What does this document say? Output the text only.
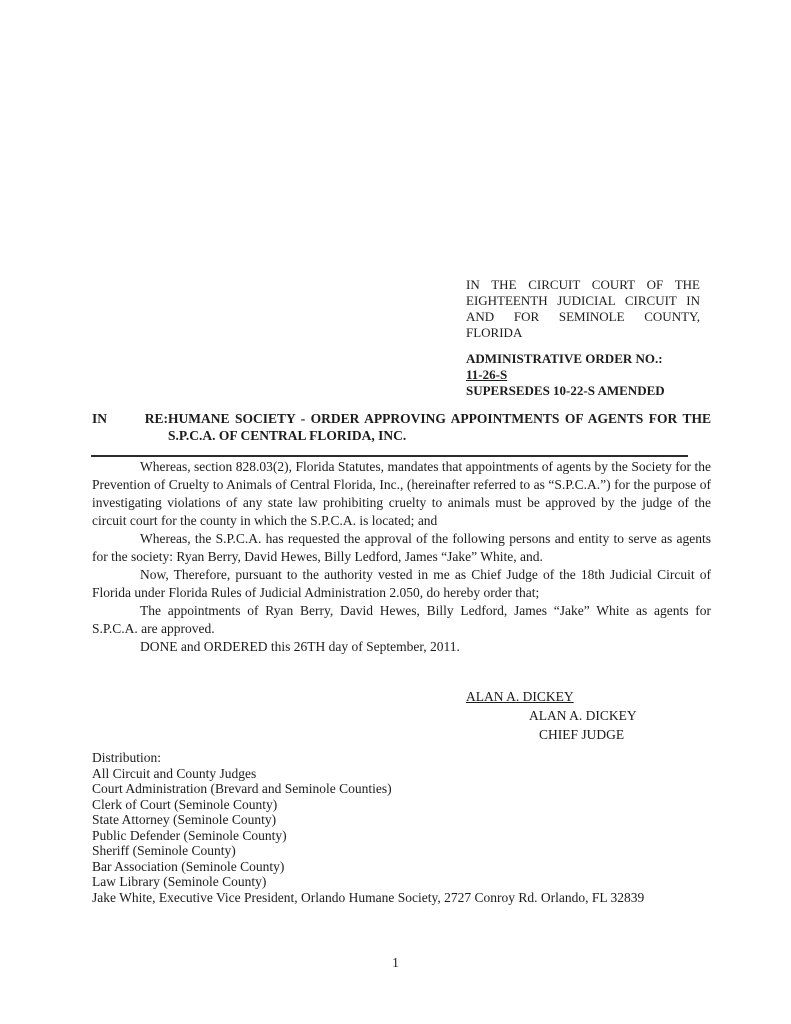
IN THE CIRCUIT COURT OF THE
EIGHTEENTH JUDICIAL CIRCUIT IN
AND FOR SEMINOLE COUNTY,
FLORIDA
ADMINISTRATIVE ORDER NO.:
11-26-S
SUPERSEDES 10-22-S AMENDED
IN RE:HUMANE SOCIETY - ORDER APPROVING APPOINTMENTS OF AGENTS FOR THE
S.P.C.A. OF CENTRAL FLORIDA, INC.

Whereas, section 828.03(2), Florida Statutes, mandates that appointments of agents by the Society for the Prevention of Cruelty to Animals of Central Florida, Inc., (hereinafter referred to as “S.P.C.A.”) for the purpose of investigating violations of any state law prohibiting cruelty to animals must be approved by the judge of the circuit court for the county in which the S.P.C.A. is located; and

Whereas, the S.P.C.A. has requested the approval of the following persons and entity to serve as agents for the society: Ryan Berry, David Hewes, Billy Ledford, James “Jake” White, and.

Now, Therefore, pursuant to the authority vested in me as Chief Judge of the 18th Judicial Circuit of Florida under Florida Rules of Judicial Administration 2.050, do hereby order that;

The appointments of Ryan Berry, David Hewes, Billy Ledford, James “Jake” White as agents for S.P.C.A. are approved.

DONE and ORDERED this 26TH day of September, 2011.

ALAN A. DICKEY
ALAN A. DICKEY
CHIEF JUDGE
Distribution:
All Circuit and County Judges
Court Administration (Brevard and Seminole Counties)
Clerk of Court (Seminole County)
State Attorney (Seminole County)
Public Defender (Seminole County)
Sheriff (Seminole County)
Bar Association (Seminole County)
Law Library (Seminole County)
Jake White, Executive Vice President, Orlando Humane Society, 2727 Conroy Rd. Orlando, FL 32839
1
